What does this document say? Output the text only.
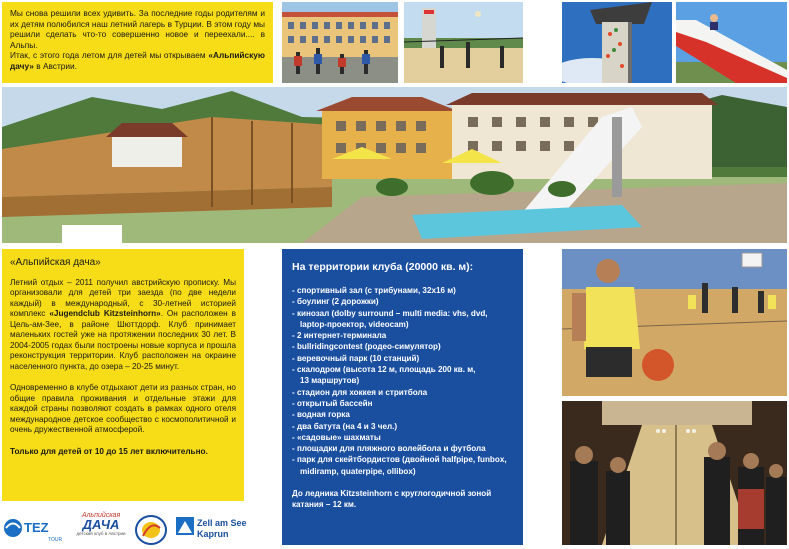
Мы снова решили всех удивить. За последние годы родителям и их детям полюбился наш летний лагерь в Турции. В этом году мы решили сделать что-то совершенно новое и переехали.... в Альпы.
Итак, с этого года летом для детей мы открываем «Альпийскую дачу» в Австрии.
«Альпийская дача»

Летний отдых – 2011 получил австрийскую прописку. Мы организовали для детей три заезда (по две недели каждый) в международный, с 30-летней историей комплекс «Jugendclub Kitzsteinhorn». Он расположен в Цель-ам-Зее, в районе Шюттдорф. Клуб принимает маленьких гостей уже на протяжении последних 30 лет. В 2004-2005 годах были построены новые корпуса и прошла реконструкция территории. Клуб расположен на окраине населенного пункта, до озера – 20-25 минут.

Одновременно в клубе отдыхают дети из разных стран, но общие правила проживания и отдельные этажи для каждой страны позволяют создать в рамках одного отеля международное детское сообщество с космополитичной и очень дружественной атмосферой.

Только для детей от 10 до 15 лет включительно.

На территории клуба (20000 кв. м):
- спортивный зал (с трибунами, 32х16 м)
- боулинг (2 дорожки)
- кинозал (dolby surround – multi media: vhs, dvd,
laptop-проектор, videocam)
- 2 интернет-терминала
- bullridingcontest (родео-симулятор)
- веревочный парк (10 станций)
- скалодром (высота 12 м, площадь 200 кв. м,
13 маршрутов)
- стадион для хоккея и стритбола
- открытый бассейн
- водная горка
- два батута (на 4 и 3 чел.)
- «садовые» шахматы
- площадки для пляжного волейбола и футбола
- парк для скейтбордистов (двойной halfpipe, funbox,
midiramp, quaterpipe, ollibox)
До ледника Kitzsteinhorn с круглогодичной зоной катания – 12 км.
TEZ
TOUR
Альпийская
ДАЧА
детский клуб в Австрии
Zell am See
Kaprun
